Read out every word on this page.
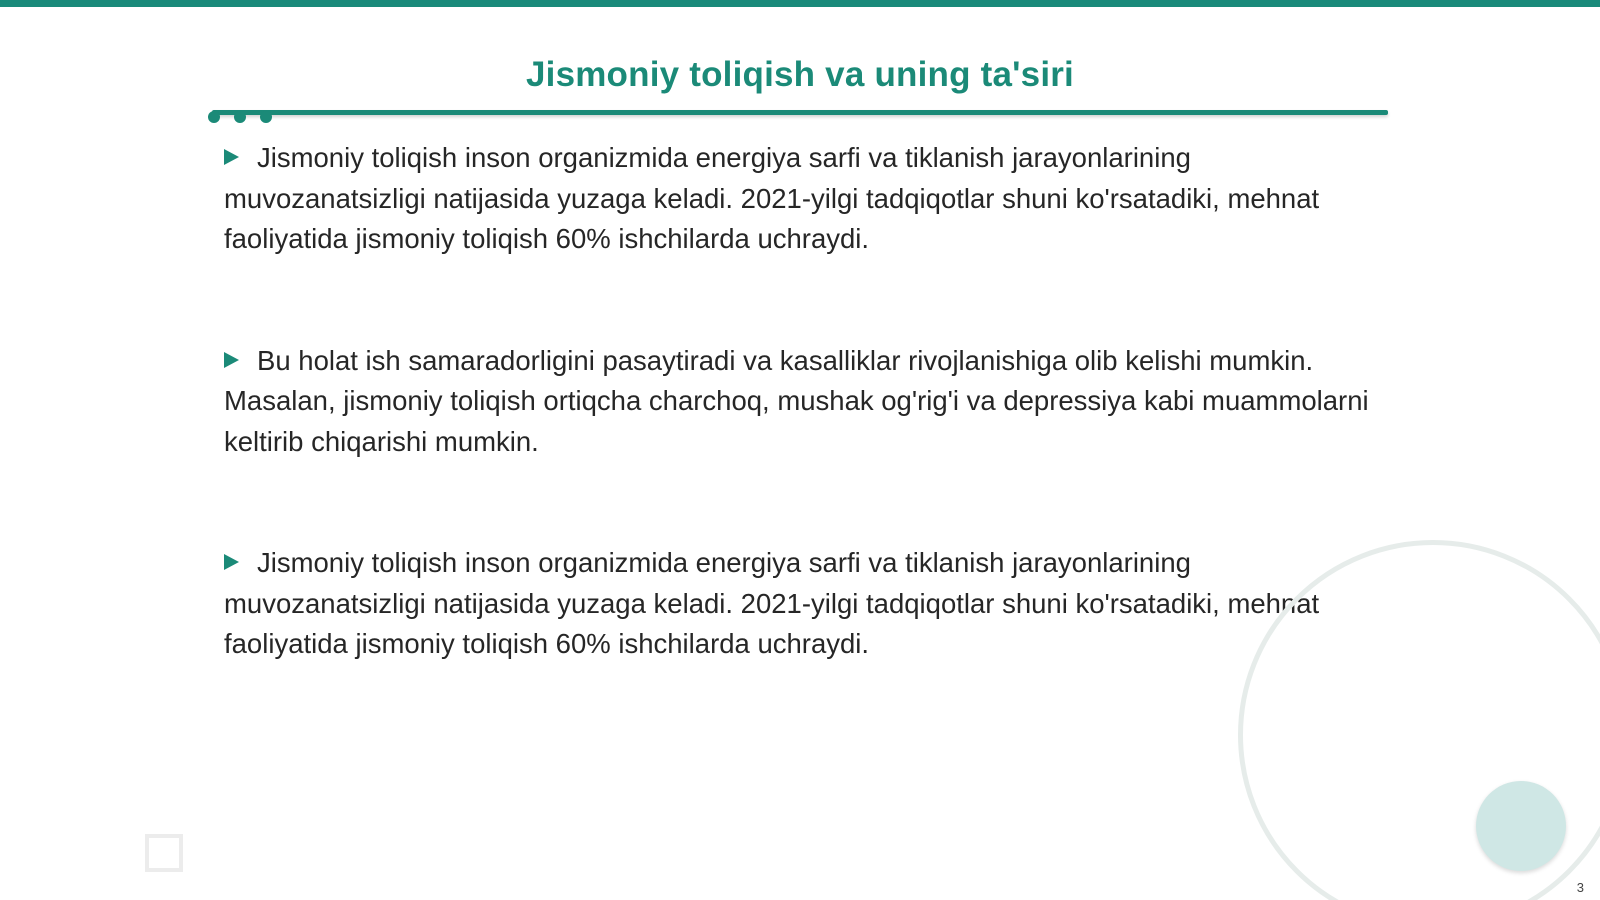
Jismoniy toliqish va uning ta'siri

Jismoniy toliqish inson organizmida energiya sarfi va tiklanish jarayonlarining muvozanatsizligi natijasida yuzaga keladi. 2021-yilgi tadqiqotlar shuni ko'rsatadiki, mehnat faoliyatida jismoniy toliqish 60% ishchilarda uchraydi.

Bu holat ish samaradorligini pasaytiradi va kasalliklar rivojlanishiga olib kelishi mumkin. Masalan, jismoniy toliqish ortiqcha charchoq, mushak og'rig'i va depressiya kabi muammolarni keltirib chiqarishi mumkin.

Jismoniy toliqish inson organizmida energiya sarfi va tiklanish jarayonlarining muvozanatsizligi natijasida yuzaga keladi. 2021-yilgi tadqiqotlar shuni ko'rsatadiki, mehnat faoliyatida jismoniy toliqish 60% ishchilarda uchraydi.

3
